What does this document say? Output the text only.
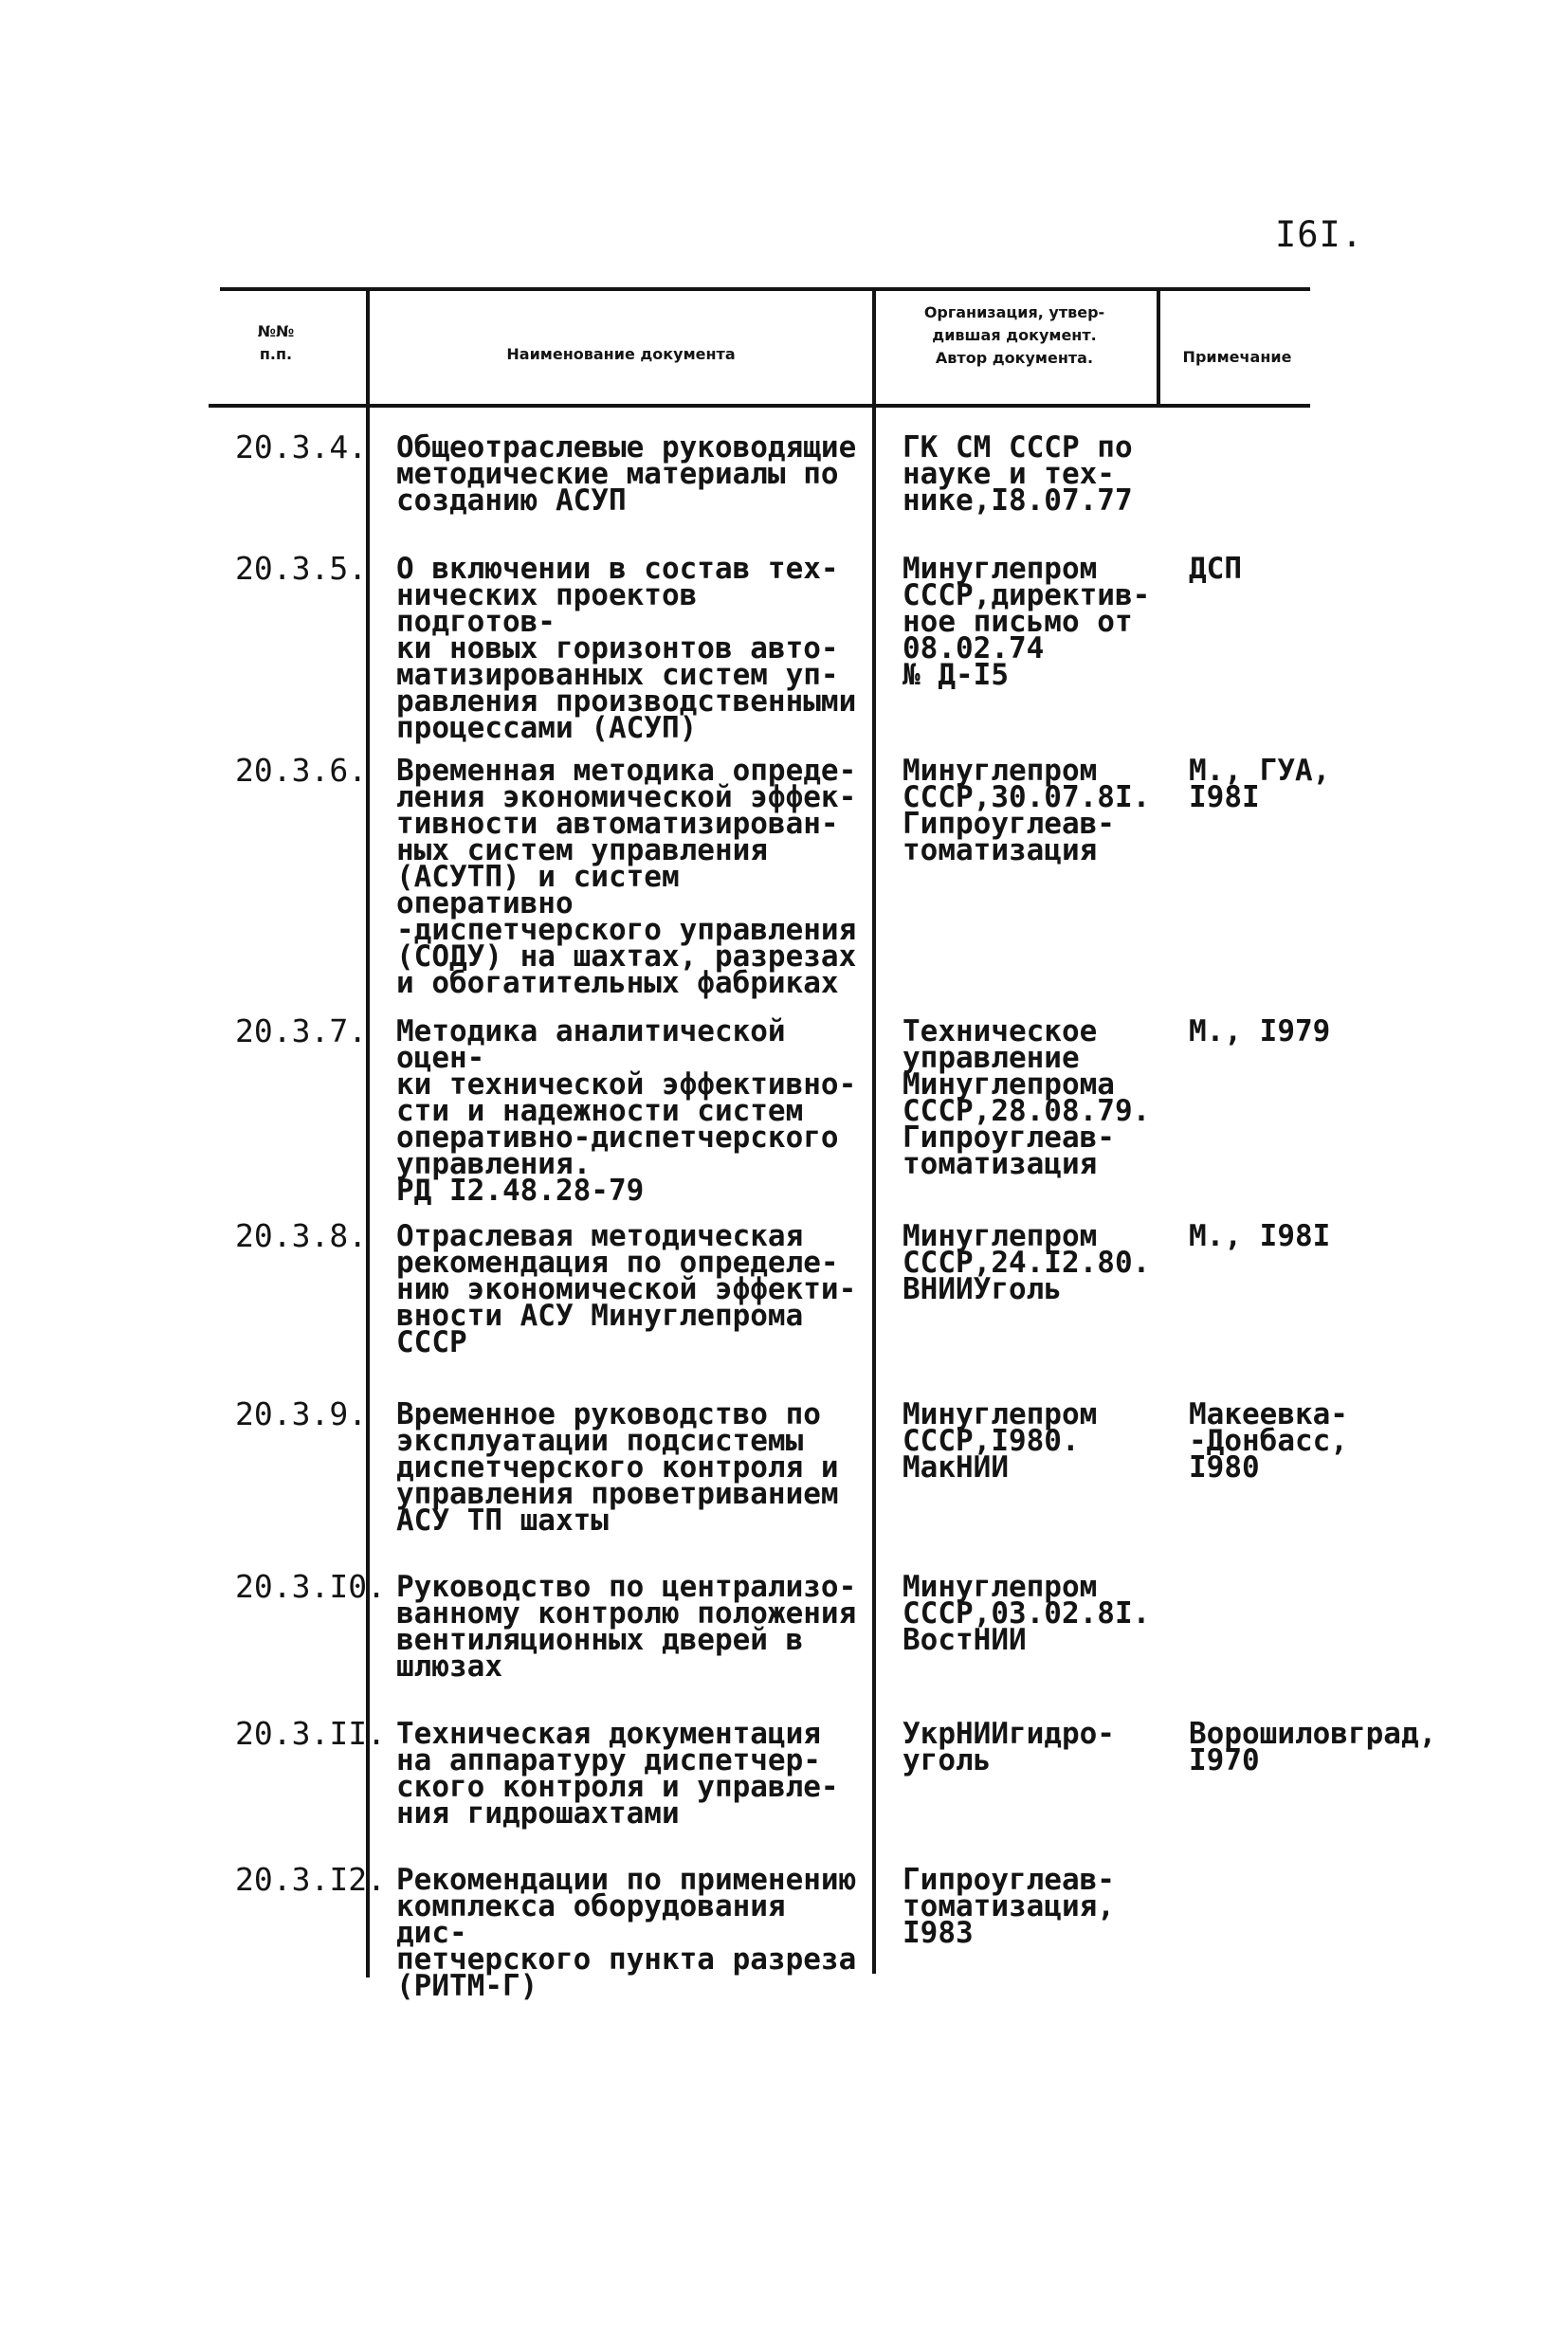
I6I.
№№
п.п.	Наименование документа
Организация, утвер-
дившая документ.
Автор документа.	Примечание
20.3.4. Общеотраслевые руководящие
методические материалы по
созданию АСУП
ГК СМ СССР по
науке и тех-
нике,I8.07.77
20.3.5. О включении в состав тех-
нических проектов подготов-
ки новых горизонтов авто-
матизированных систем уп-
равления производственными
процессами (АСУП)
Минуглепром
СССР,директив-
ное письмо от
08.02.74
№ Д-I5
ДСП
20.3.6. Временная методика опреде-
ления экономической эффек-
тивности автоматизирован-
ных систем управления
(АСУТП) и систем оперативно
-диспетчерского управления
(СОДУ) на шахтах, разрезах
и обогатительных фабриках
Минуглепром
СССР,30.07.8I.
Гипроуглеав-
томатизация
М., ГУА,
I98I
20.3.7. Методика аналитической оцен-
ки технической эффективно-
сти и надежности систем
оперативно-диспетчерского
управления.
РД I2.48.28-79
Техническое
управление
Минуглепрома
СССР,28.08.79.
Гипроуглеав-
томатизация
М., I979
20.3.8. Отраслевая методическая
рекомендация по определе-
нию экономической эффекти-
вности АСУ Минуглепрома
СССР
Минуглепром
СССР,24.I2.80.
ВНИИУголь
М., I98I
20.3.9. Временное руководство по
эксплуатации подсистемы
диспетчерского контроля и
управления проветриванием
АСУ ТП шахты
Минуглепром
СССР,I980.
МакНИИ
Макеевка-
-Донбасс,
I980
20.3.I0. Руководство по централизо-
ванному контролю положения
вентиляционных дверей в
шлюзах
Минуглепром
СССР,03.02.8I.
ВостНИИ
20.3.II. Техническая документация
на аппаратуру диспетчер-
ского контроля и управле-
ния гидрошахтами
УкрНИИгидро-
уголь
Ворошиловград,
I970
20.3.I2. Рекомендации по применению
комплекса оборудования дис-
петчерского пункта разреза
(РИТМ-Г)
Гипроуглеав-
томатизация,
I983
